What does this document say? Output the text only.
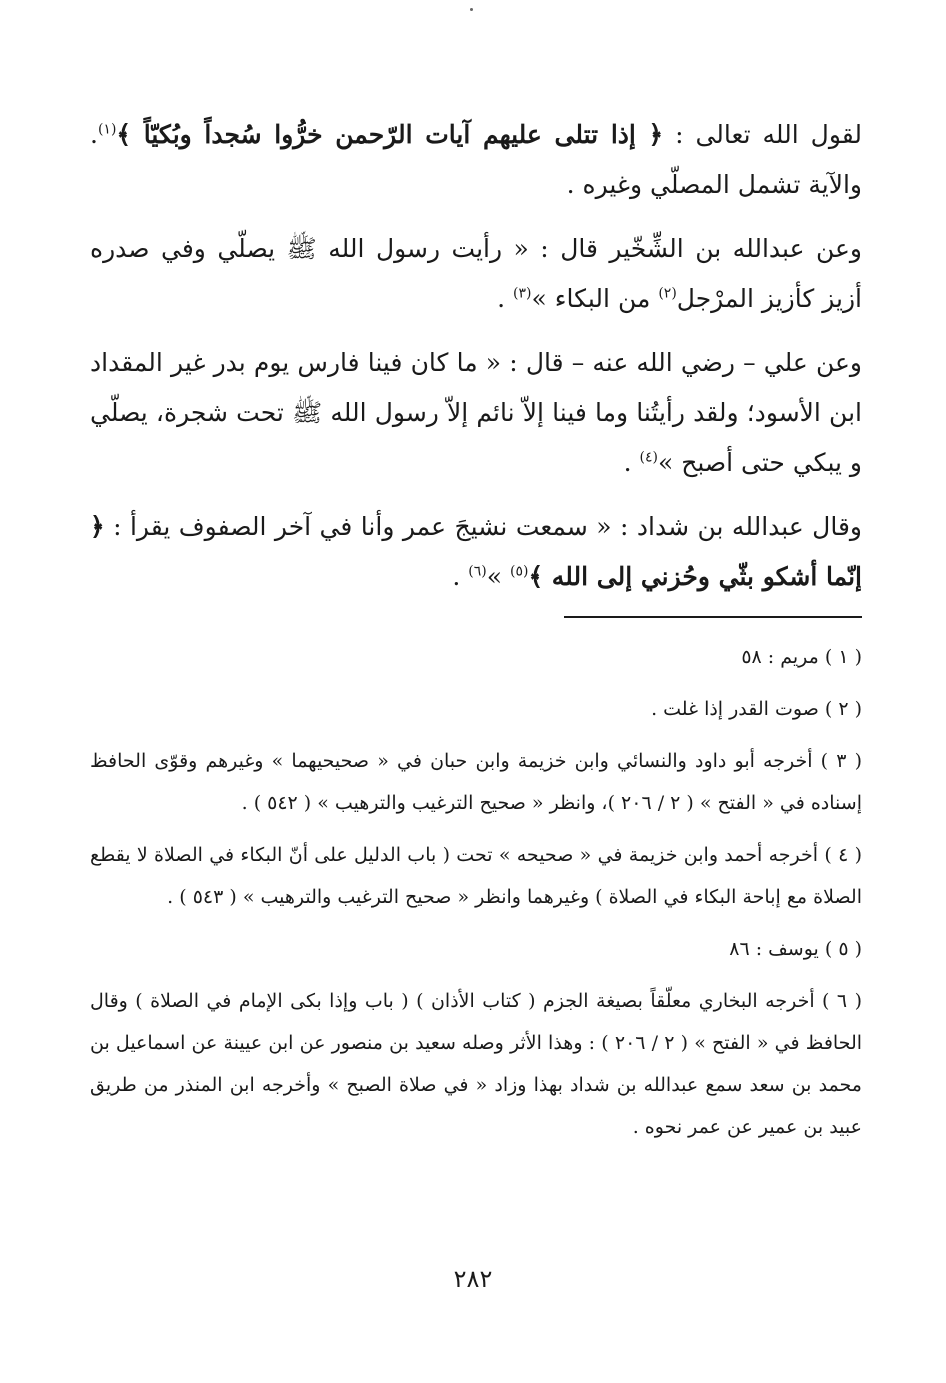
لقول الله تعالى : ﴿ إذا تتلى عليهم آيات الرّحمن خرُّوا سُجداً وبُكيّاً ﴾$^{(١)}$. والآية تشمل المصلّي وغيره .

وعن عبدالله بن الشِّخّير قال : « رأيت رسول الله ﷺ يصلّي وفي صدره أزيز كأزيز المرْجل$^{(٢)}$ من البكاء »$^{(٣)}$ .

وعن علي – رضي الله عنه – قال : « ما كان فينا فارس يوم بدر غير المقداد ابن الأسود؛ ولقد رأيتُنا وما فينا إلاّ نائم إلاّ رسول الله ﷺ تحت شجرة، يصلّي و يبكي حتى أصبح »$^{(٤)}$ .

وقال عبدالله بن شداد : « سمعت نشيجَ عمر وأنا في آخر الصفوف يقرأ : ﴿ إنّما أشكو بثّي وحُزني إلى الله ﴾$^{(٥)}$ »$^{(٦)}$ .

( ١ ) مريم : ٥٨

( ٢ ) صوت القدر إذا غلت .

( ٣ ) أخرجه أبو داود والنسائي وابن خزيمة وابن حبان في « صحيحيهما » وغيرهم وقوّى الحافظ إسناده في « الفتح » ( ٢ / ٢٠٦ )، وانظر « صحيح الترغيب والترهيب » ( ٥٤٢ ) .

( ٤ ) أخرجه أحمد وابن خزيمة في « صحيحه » تحت ( باب الدليل على أنّ البكاء في الصلاة لا يقطع الصلاة مع إباحة البكاء في الصلاة ) وغيرهما وانظر « صحيح الترغيب والترهيب » ( ٥٤٣ ) .

( ٥ ) يوسف : ٨٦

( ٦ ) أخرجه البخاري معلّقاً بصيغة الجزم ( كتاب الأذان ) ( باب وإذا بكى الإمام في الصلاة ) وقال الحافظ في « الفتح » ( ٢ / ٢٠٦ ) : وهذا الأثر وصله سعيد بن منصور عن ابن عيينة عن اسماعيل بن محمد بن سعد سمع عبدالله بن شداد بهذا وزاد « في صلاة الصبح » وأخرجه ابن المنذر من طريق عبيد بن عمير عن عمر نحوه .

٢٨٢
